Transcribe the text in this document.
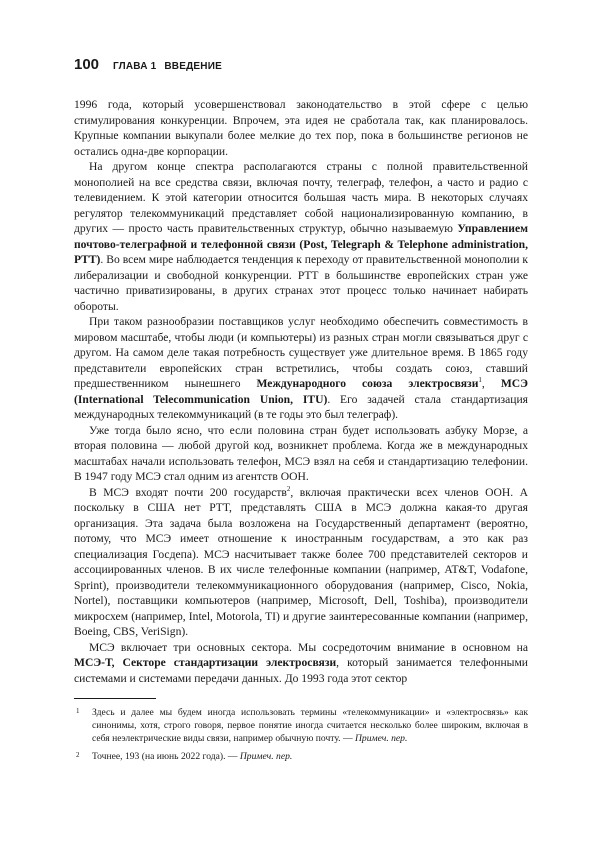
100 ГЛАВА 1 ВВЕДЕНИЕ

1996 года, который усовершенствовал законодательство в этой сфере с целью стимулирования конкуренции. Впрочем, эта идея не сработала так, как планировалось. Крупные компании выкупали более мелкие до тех пор, пока в большинстве регионов не остались одна-две корпорации.

На другом конце спектра располагаются страны с полной правительственной монополией на все средства связи, включая почту, телеграф, телефон, а часто и радио с телевидением. К этой категории относится большая часть мира. В некоторых случаях регулятор телекоммуникаций представляет собой национализированную компанию, в других — просто часть правительственных структур, обычно называемую Управлением почтово-телеграфной и телефонной связи (Post, Telegraph & Telephone administration, PTT). Во всем мире наблюдается тенденция к переходу от правительственной монополии к либерализации и свободной конкуренции. PTT в большинстве европейских стран уже частично приватизированы, в других странах этот процесс только начинает набирать обороты.

При таком разнообразии поставщиков услуг необходимо обеспечить совместимость в мировом масштабе, чтобы люди (и компьютеры) из разных стран могли связываться друг с другом. На самом деле такая потребность существует уже длительное время. В 1865 году представители европейских стран встретились, чтобы создать союз, ставший предшественником нынешнего Международного союза электросвязи$^1$, МСЭ (International Telecommunication Union, ITU). Его задачей стала стандартизация международных телекоммуникаций (в те годы это был телеграф).

Уже тогда было ясно, что если половина стран будет использовать азбуку Морзе, а вторая половина — любой другой код, возникнет проблема. Когда же в международных масштабах начали использовать телефон, МСЭ взял на себя и стандартизацию телефонии. В 1947 году МСЭ стал одним из агентств ООН.

В МСЭ входят почти 200 государств$^2$, включая практически всех членов ООН. А поскольку в США нет PTT, представлять США в МСЭ должна какая-то другая организация. Эта задача была возложена на Государственный департамент (вероятно, потому, что МСЭ имеет отношение к иностранным государствам, а это как раз специализация Госдепа). МСЭ насчитывает также более 700 представителей секторов и ассоциированных членов. В их числе телефонные компании (например, AT&T, Vodafone, Sprint), производители телекоммуникационного оборудования (например, Cisco, Nokia, Nortel), поставщики компьютеров (например, Microsoft, Dell, Toshiba), производители микросхем (например, Intel, Motorola, TI) и другие заинтересованные компании (например, Boeing, CBS, VeriSign).

МСЭ включает три основных сектора. Мы сосредоточим внимание в основном на МСЭ-Т, Секторе стандартизации электросвязи, который занимается телефонными системами и системами передачи данных. До 1993 года этот сектор

1 Здесь и далее мы будем иногда использовать термины «телекоммуникации» и «электросвязь» как синонимы, хотя, строго говоря, первое понятие иногда считается несколько более широким, включая в себя неэлектрические виды связи, например обычную почту. — Примеч. пер.

2 Точнее, 193 (на июнь 2022 года). — Примеч. пер.
